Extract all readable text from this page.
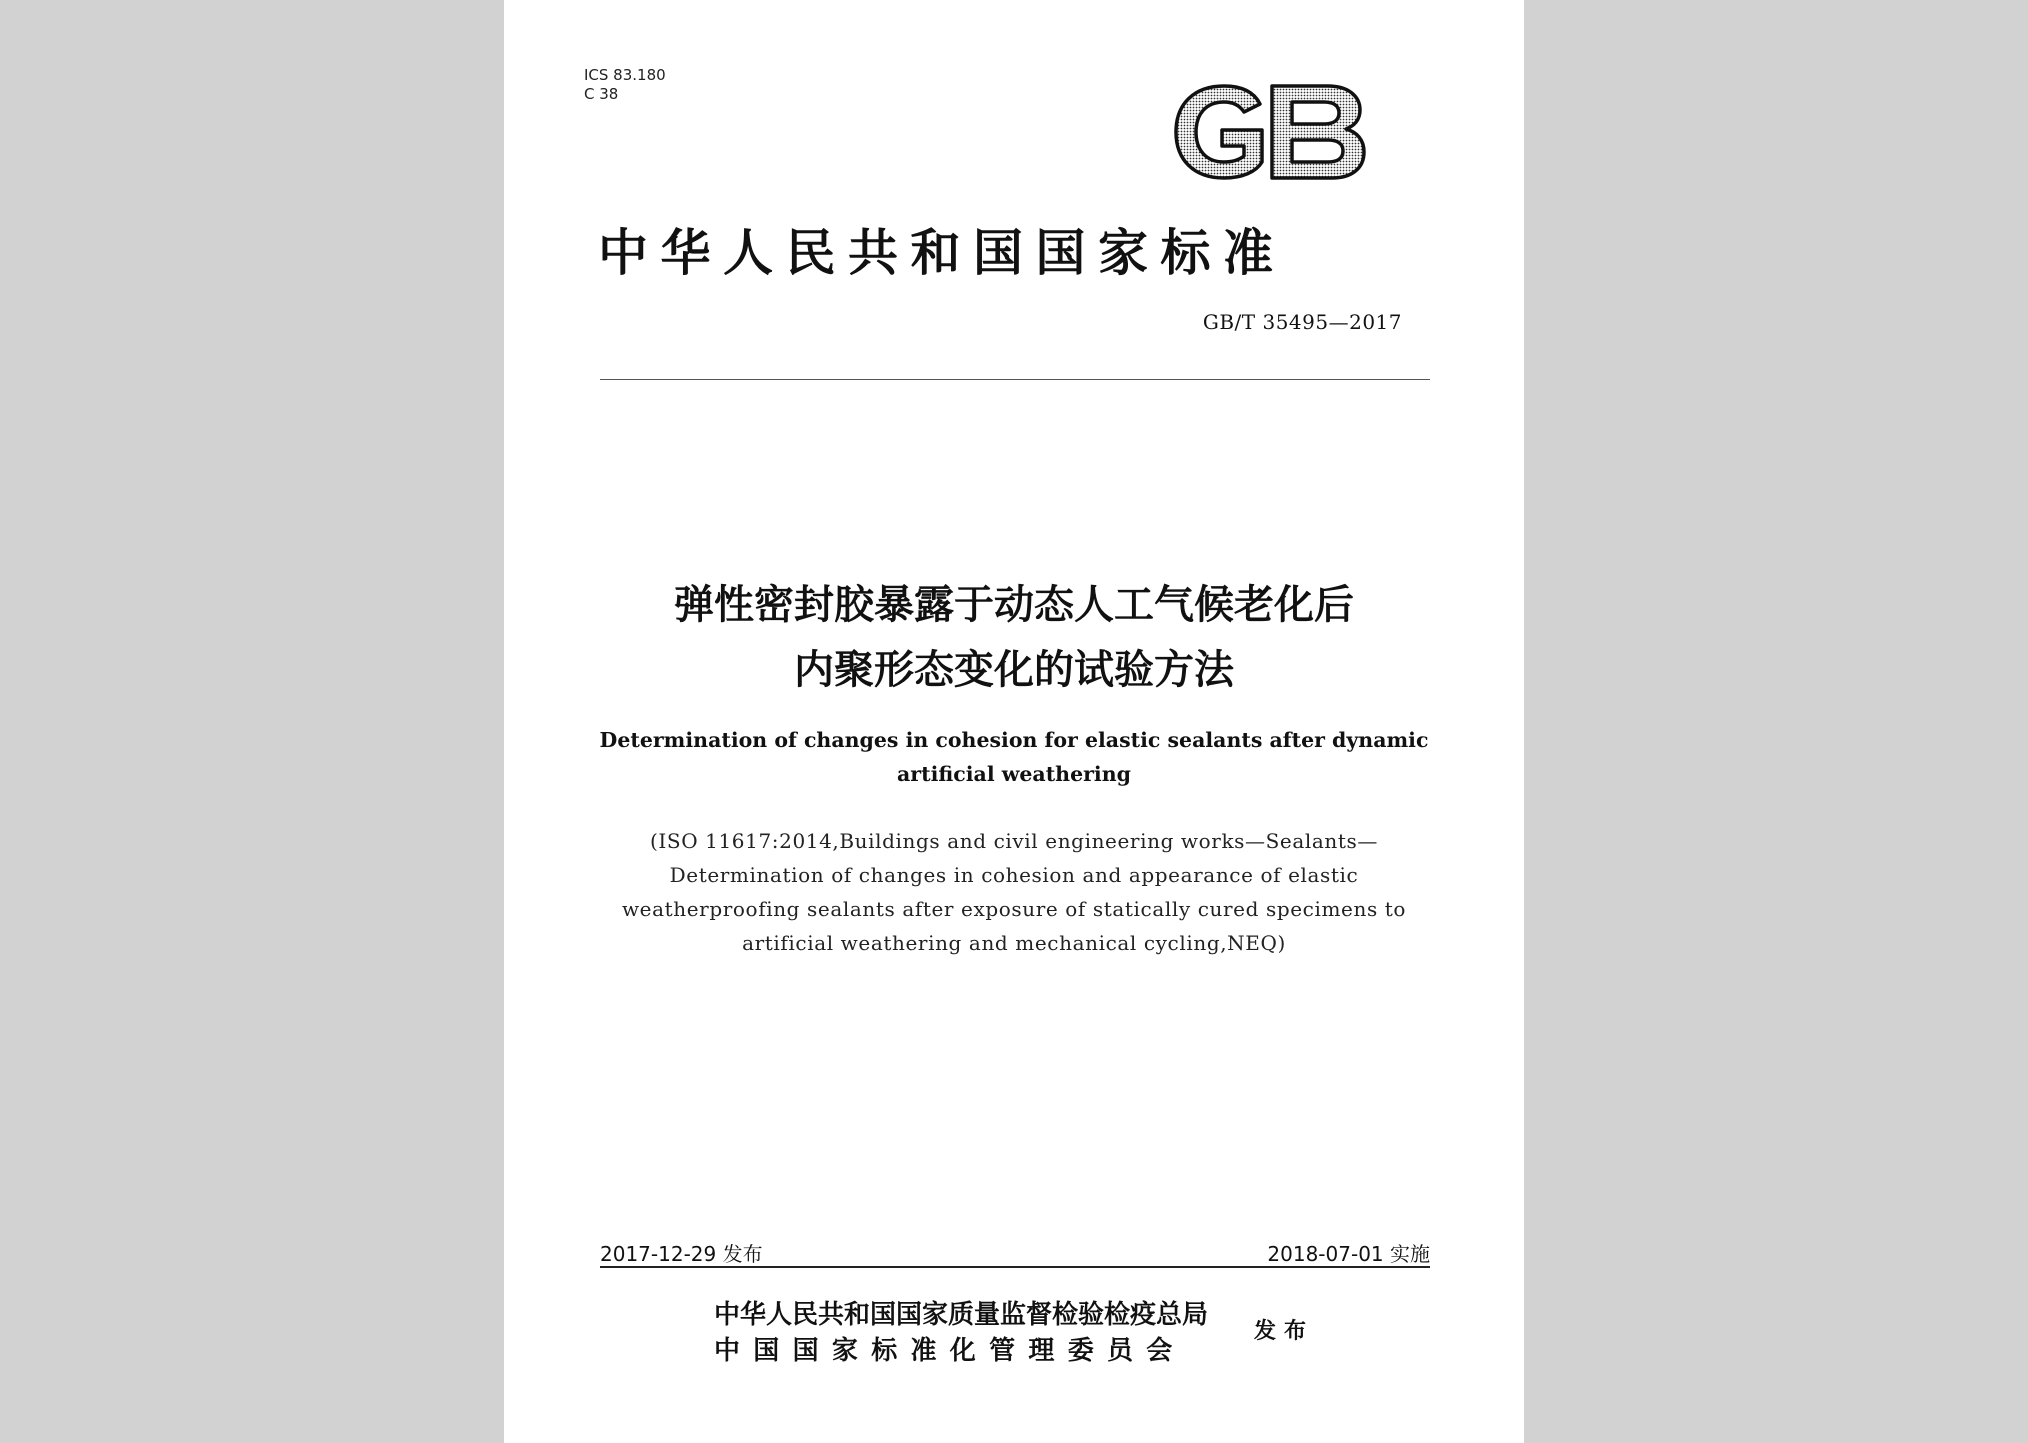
ICS 83.180
C 38
中华人民共和国国家标准
GB/T 35495—2017
弹性密封胶暴露于动态人工气候老化后
内聚形态变化的试验方法
Determination of changes in cohesion for elastic sealants after dynamic
artificial weathering
(ISO 11617:2014,Buildings and civil engineering works—Sealants—
Determination of changes in cohesion and appearance of elastic
weatherproofing sealants after exposure of statically cured specimens to
artificial weathering and mechanical cycling,NEQ)
2017-12-29 发布	2018-07-01 实施
中华人民共和国国家质量监督检验检疫总局
中国国家标准化管理委员会
发布
